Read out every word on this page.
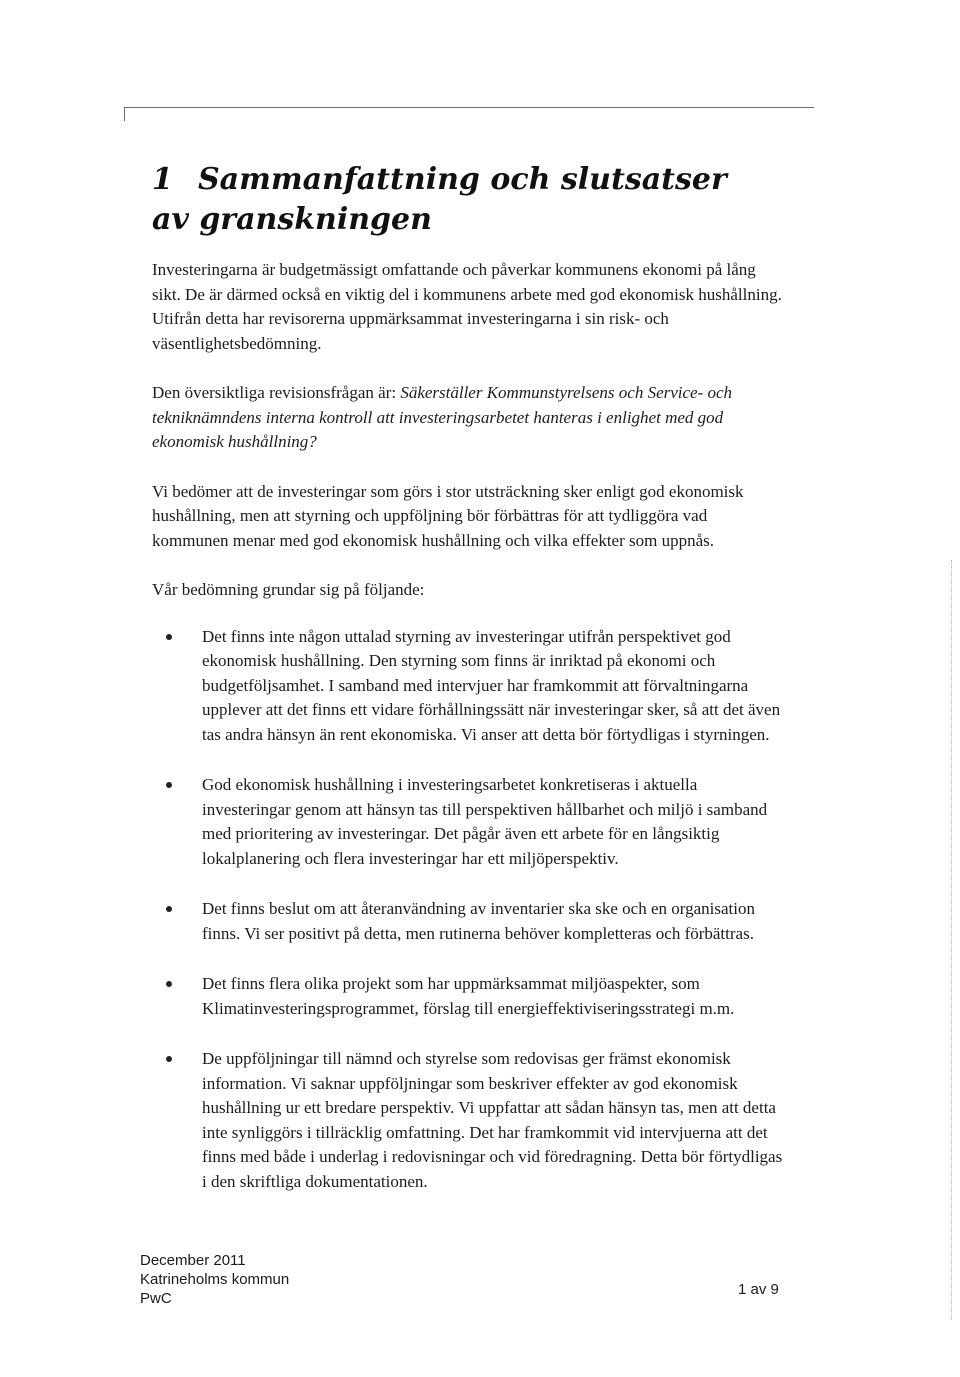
1 Sammanfattning och slutsatser
av granskningen

Investeringarna är budgetmässigt omfattande och påverkar kommunens ekonomi på lång sikt. De är därmed också en viktig del i kommunens arbete med god ekonomisk hushållning. Utifrån detta har revisorerna uppmärksammat investeringarna i sin risk- och väsentlighetsbedömning.

Den översiktliga revisionsfrågan är: Säkerställer Kommunstyrelsens och Service- och tekniknämndens interna kontroll att investeringsarbetet hanteras i enlighet med god ekonomisk hushållning?

Vi bedömer att de investeringar som görs i stor utsträckning sker enligt god ekonomisk hushållning, men att styrning och uppföljning bör förbättras för att tydliggöra vad kommunen menar med god ekonomisk hushållning och vilka effekter som uppnås.

Vår bedömning grundar sig på följande:

Det finns inte någon uttalad styrning av investeringar utifrån perspektivet god ekonomisk hushållning. Den styrning som finns är inriktad på ekonomi och budgetföljsamhet. I samband med intervjuer har framkommit att förvaltningarna upplever att det finns ett vidare förhållningssätt när investeringar sker, så att det även tas andra hänsyn än rent ekonomiska. Vi anser att detta bör förtydligas i styrningen.
God ekonomisk hushållning i investeringsarbetet konkretiseras i aktuella investeringar genom att hänsyn tas till perspektiven hållbarhet och miljö i samband med prioritering av investeringar. Det pågår även ett arbete för en långsiktig lokalplanering och flera investeringar har ett miljöperspektiv.
Det finns beslut om att återanvändning av inventarier ska ske och en organisation finns. Vi ser positivt på detta, men rutinerna behöver kompletteras och förbättras.
Det finns flera olika projekt som har uppmärksammat miljöaspekter, som Klimatinvesteringsprogrammet, förslag till energieffektiviseringsstrategi m.m.
De uppföljningar till nämnd och styrelse som redovisas ger främst ekonomisk information. Vi saknar uppföljningar som beskriver effekter av god ekonomisk hushållning ur ett bredare perspektiv. Vi uppfattar att sådan hänsyn tas, men att detta inte synliggörs i tillräcklig omfattning. Det har framkommit vid intervjuerna att det finns med både i underlag i redovisningar och vid föredragning. Detta bör förtydligas i den skriftliga dokumentationen.
December 2011
Katrineholms kommun
PwC
1 av 9
